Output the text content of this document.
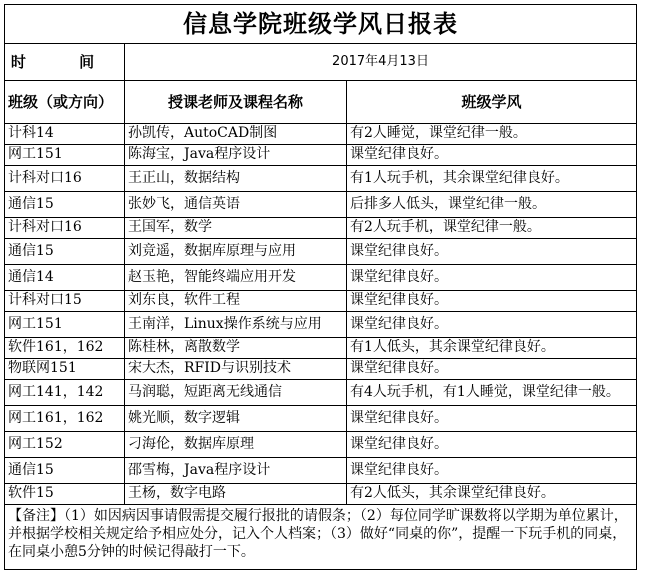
信息学院班级学风日报表		
时 间	2017年4月13日	
班级（或方向）	授课老师及课程名称	班级学风
计科14	孙凯传，AutoCAD制图	有2人睡觉，课堂纪律一般。
网工151	陈海宝，Java程序设计	课堂纪律良好。
计科对口16	王正山，数据结构	有1人玩手机，其余课堂纪律良好。
通信15	张妙飞，通信英语	后排多人低头，课堂纪律一般。
计科对口16	王国军，数学	有2人玩手机，课堂纪律一般。
通信15	刘竞遥，数据库原理与应用	课堂纪律良好。
通信14	赵玉艳，智能终端应用开发	课堂纪律良好。
计科对口15	刘东良，软件工程	课堂纪律良好。
网工151	王南洋，Linux操作系统与应用	课堂纪律良好。
软件161，162	陈桂林，离散数学	有1人低头，其余课堂纪律良好。
物联网151	宋大杰，RFID与识别技术	课堂纪律良好。
网工141，142	马润聪，短距离无线通信	有4人玩手机，有1人睡觉，课堂纪律一般。
网工161，162	姚光顺，数字逻辑	课堂纪律良好。
网工152	刁海伦，数据库原理	课堂纪律良好。
通信15	邵雪梅，Java程序设计	课堂纪律良好。
软件15	王杨，数字电路	有2人低头，其余课堂纪律良好。
【备注】（1）如因病因事请假需提交履行报批的请假条；（2）每位同学旷课数将以学期为单位累计，并根据学校相关规定给予相应处分，记入个人档案；（3）做好“同桌的你”，提醒一下玩手机的同桌，在同桌小憩5分钟的时候记得敲打一下。		
